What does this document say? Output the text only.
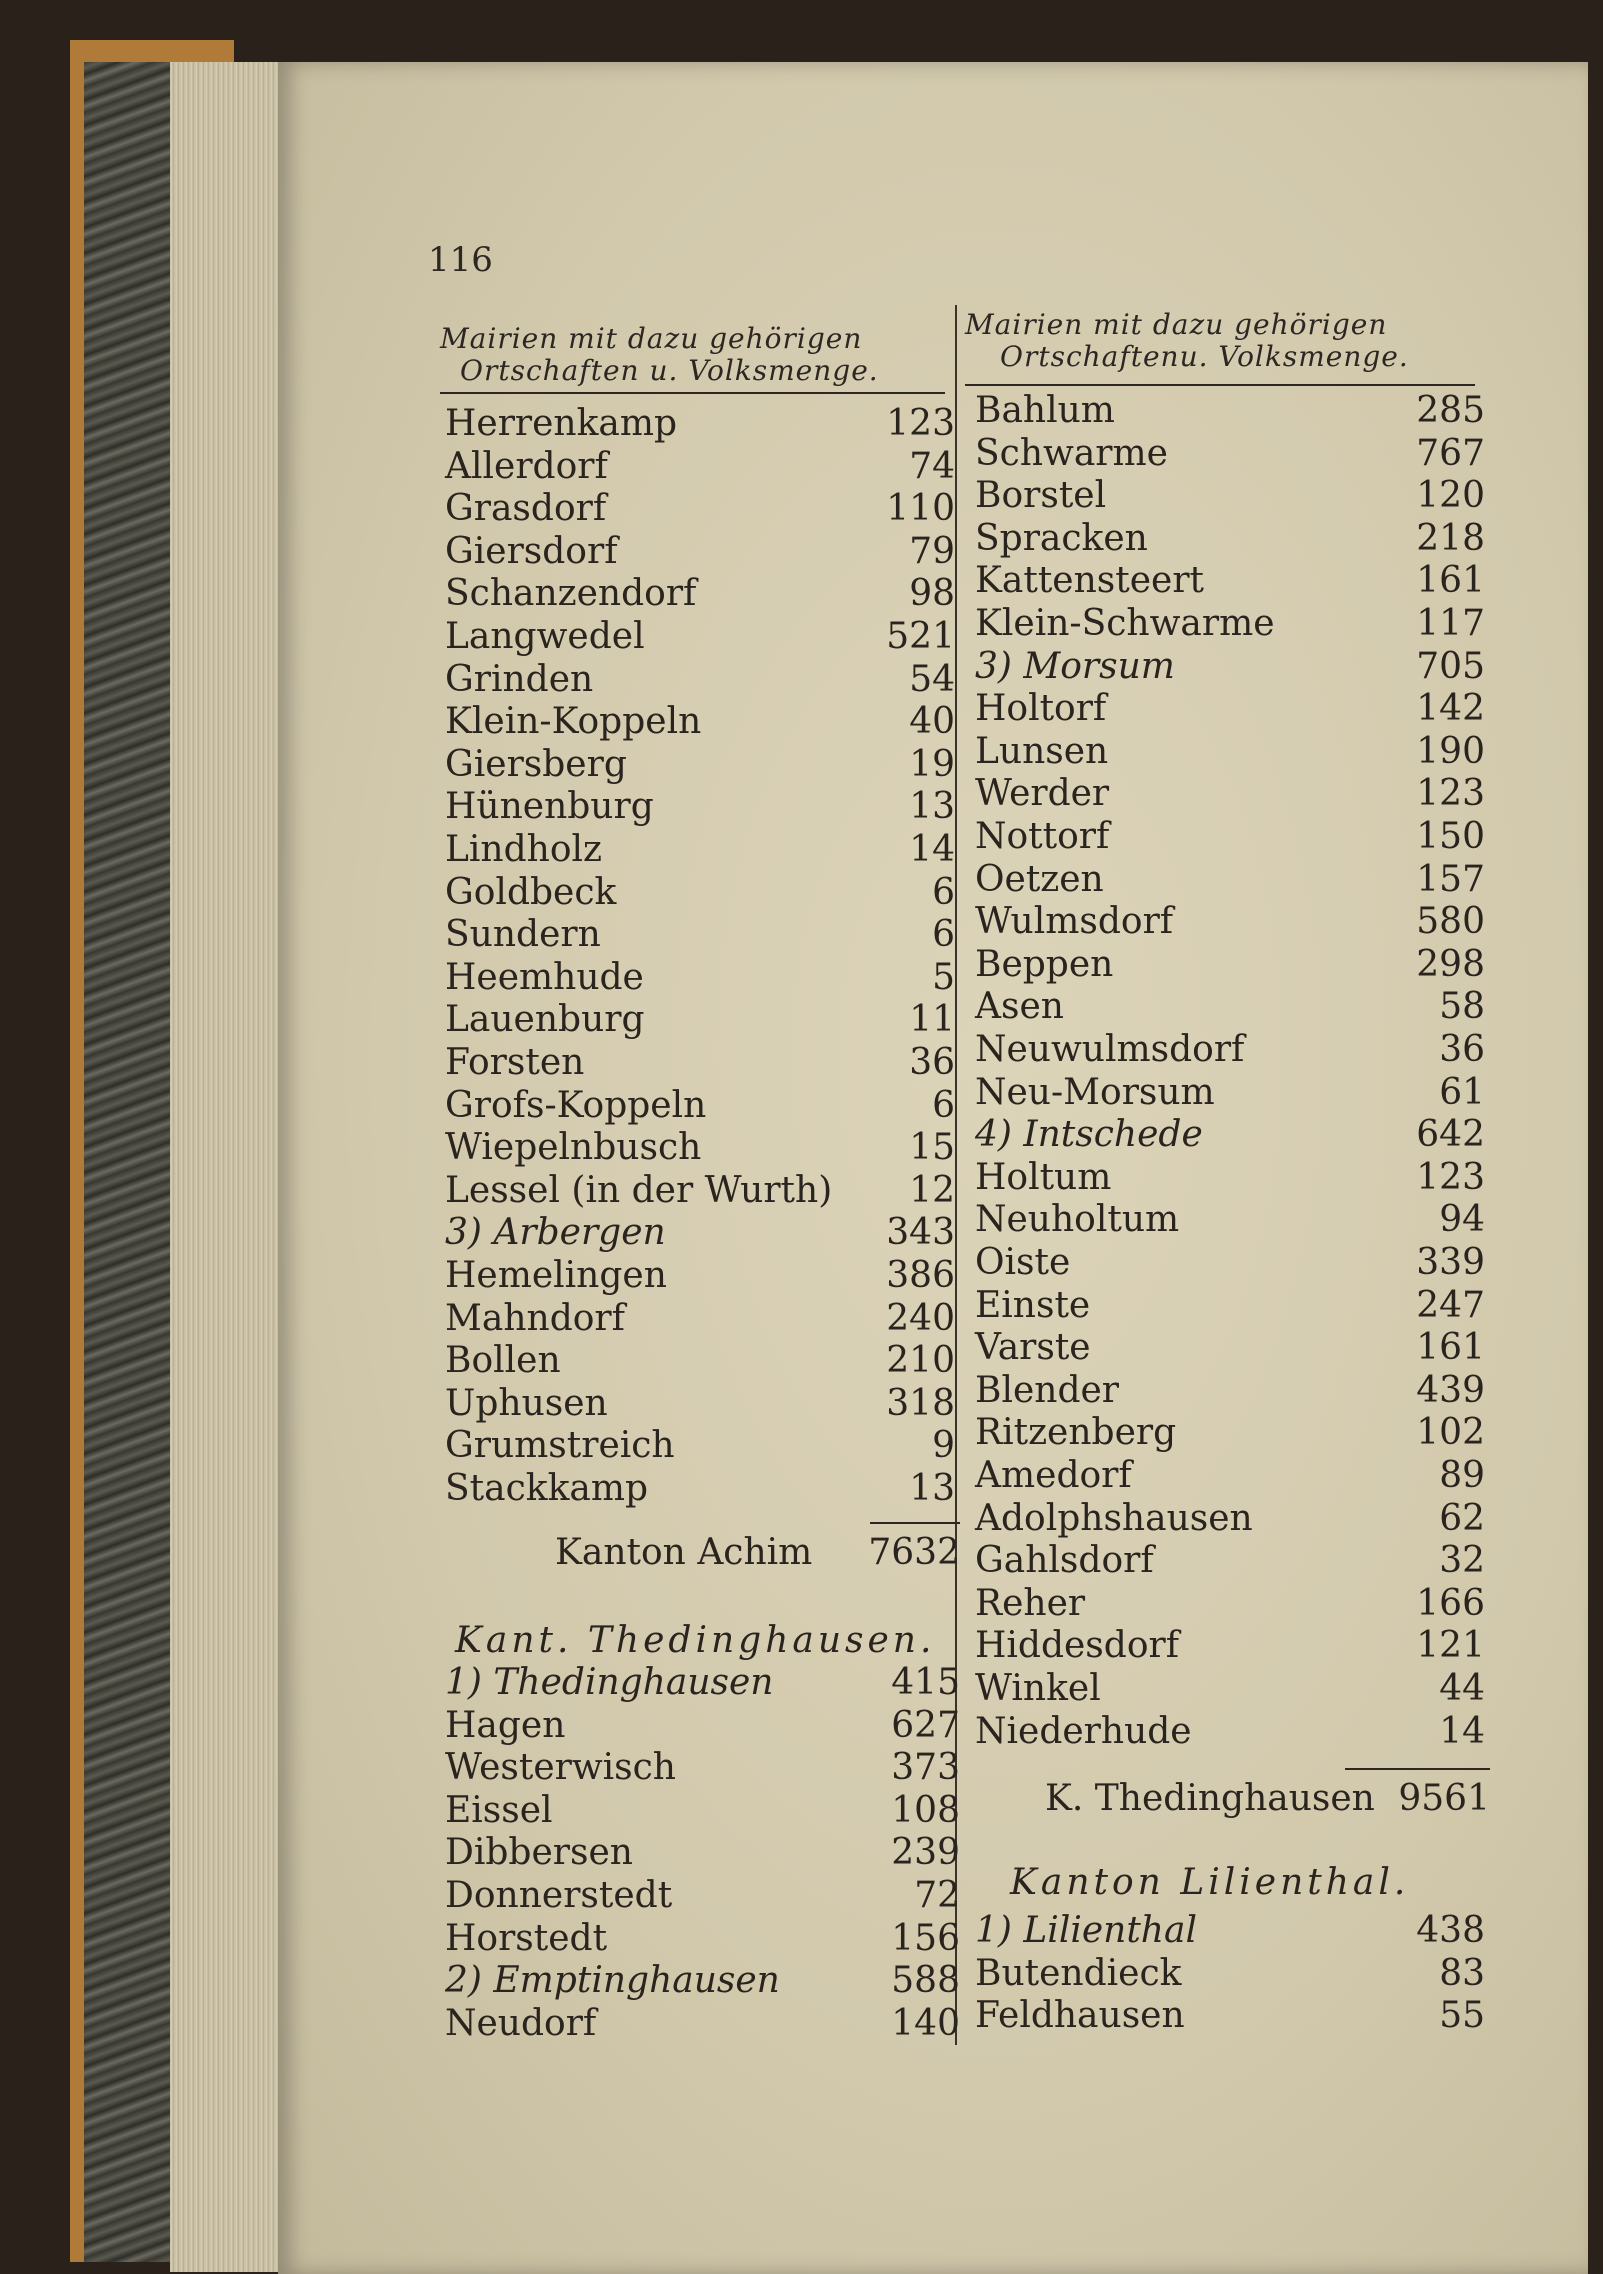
116
Mairien mit dazu gehörigen
Ortschaften u. Volksmenge.
Mairien mit dazu gehörigen
Ortschaftenu. Volksmenge.
Herrenkamp	123
Allerdorf	74
Grasdorf	110
Giersdorf	79
Schanzendorf	98
Langwedel	521
Grinden	54
Klein-Koppeln	40
Giersberg	19
Hünenburg	13
Lindholz	14
Goldbeck	6
Sundern	6
Heemhude	5
Lauenburg	11
Forsten	36
Grofs-Koppeln	6
Wiepelnbusch	15
Lessel (in der Wurth) 12
3) Arbergen	343
Hemelingen	386
Mahndorf	240
Bollen	210
Uphusen	318
Grumstreich	9
Stackkamp	13
1) Thedinghausen	415
Hagen	627
Westerwisch	373
Eissel	108
Dibbersen	239
Donnerstedt	72
Horstedt	156
2) Emptinghausen	588
Neudorf	140
Bahlum	285
Schwarme	767
Borstel	120
Spracken	218
Kattensteert	161
Klein-Schwarme	117
3) Morsum	705
Holtorf	142
Lunsen	190
Werder	123
Nottorf	150
Oetzen	157
Wulmsdorf	580
Beppen	298
Asen	58
Neuwulmsdorf	36
Neu-Morsum	61
4) Intschede	642
Holtum	123
Neuholtum	94
Oiste	339
Einste	247
Varste	161
Blender	439
Ritzenberg	102
Amedorf	89
Adolphshausen	62
Gahlsdorf	32
Reher	166
Hiddesdorf	121
Winkel	44
Niederhude	14
1) Lilienthal	438
Butendieck	83
Feldhausen	55
Kanton Achim 7632
Kant. Thedinghausen.
K. Thedinghausen 9561
Kanton Lilienthal.
